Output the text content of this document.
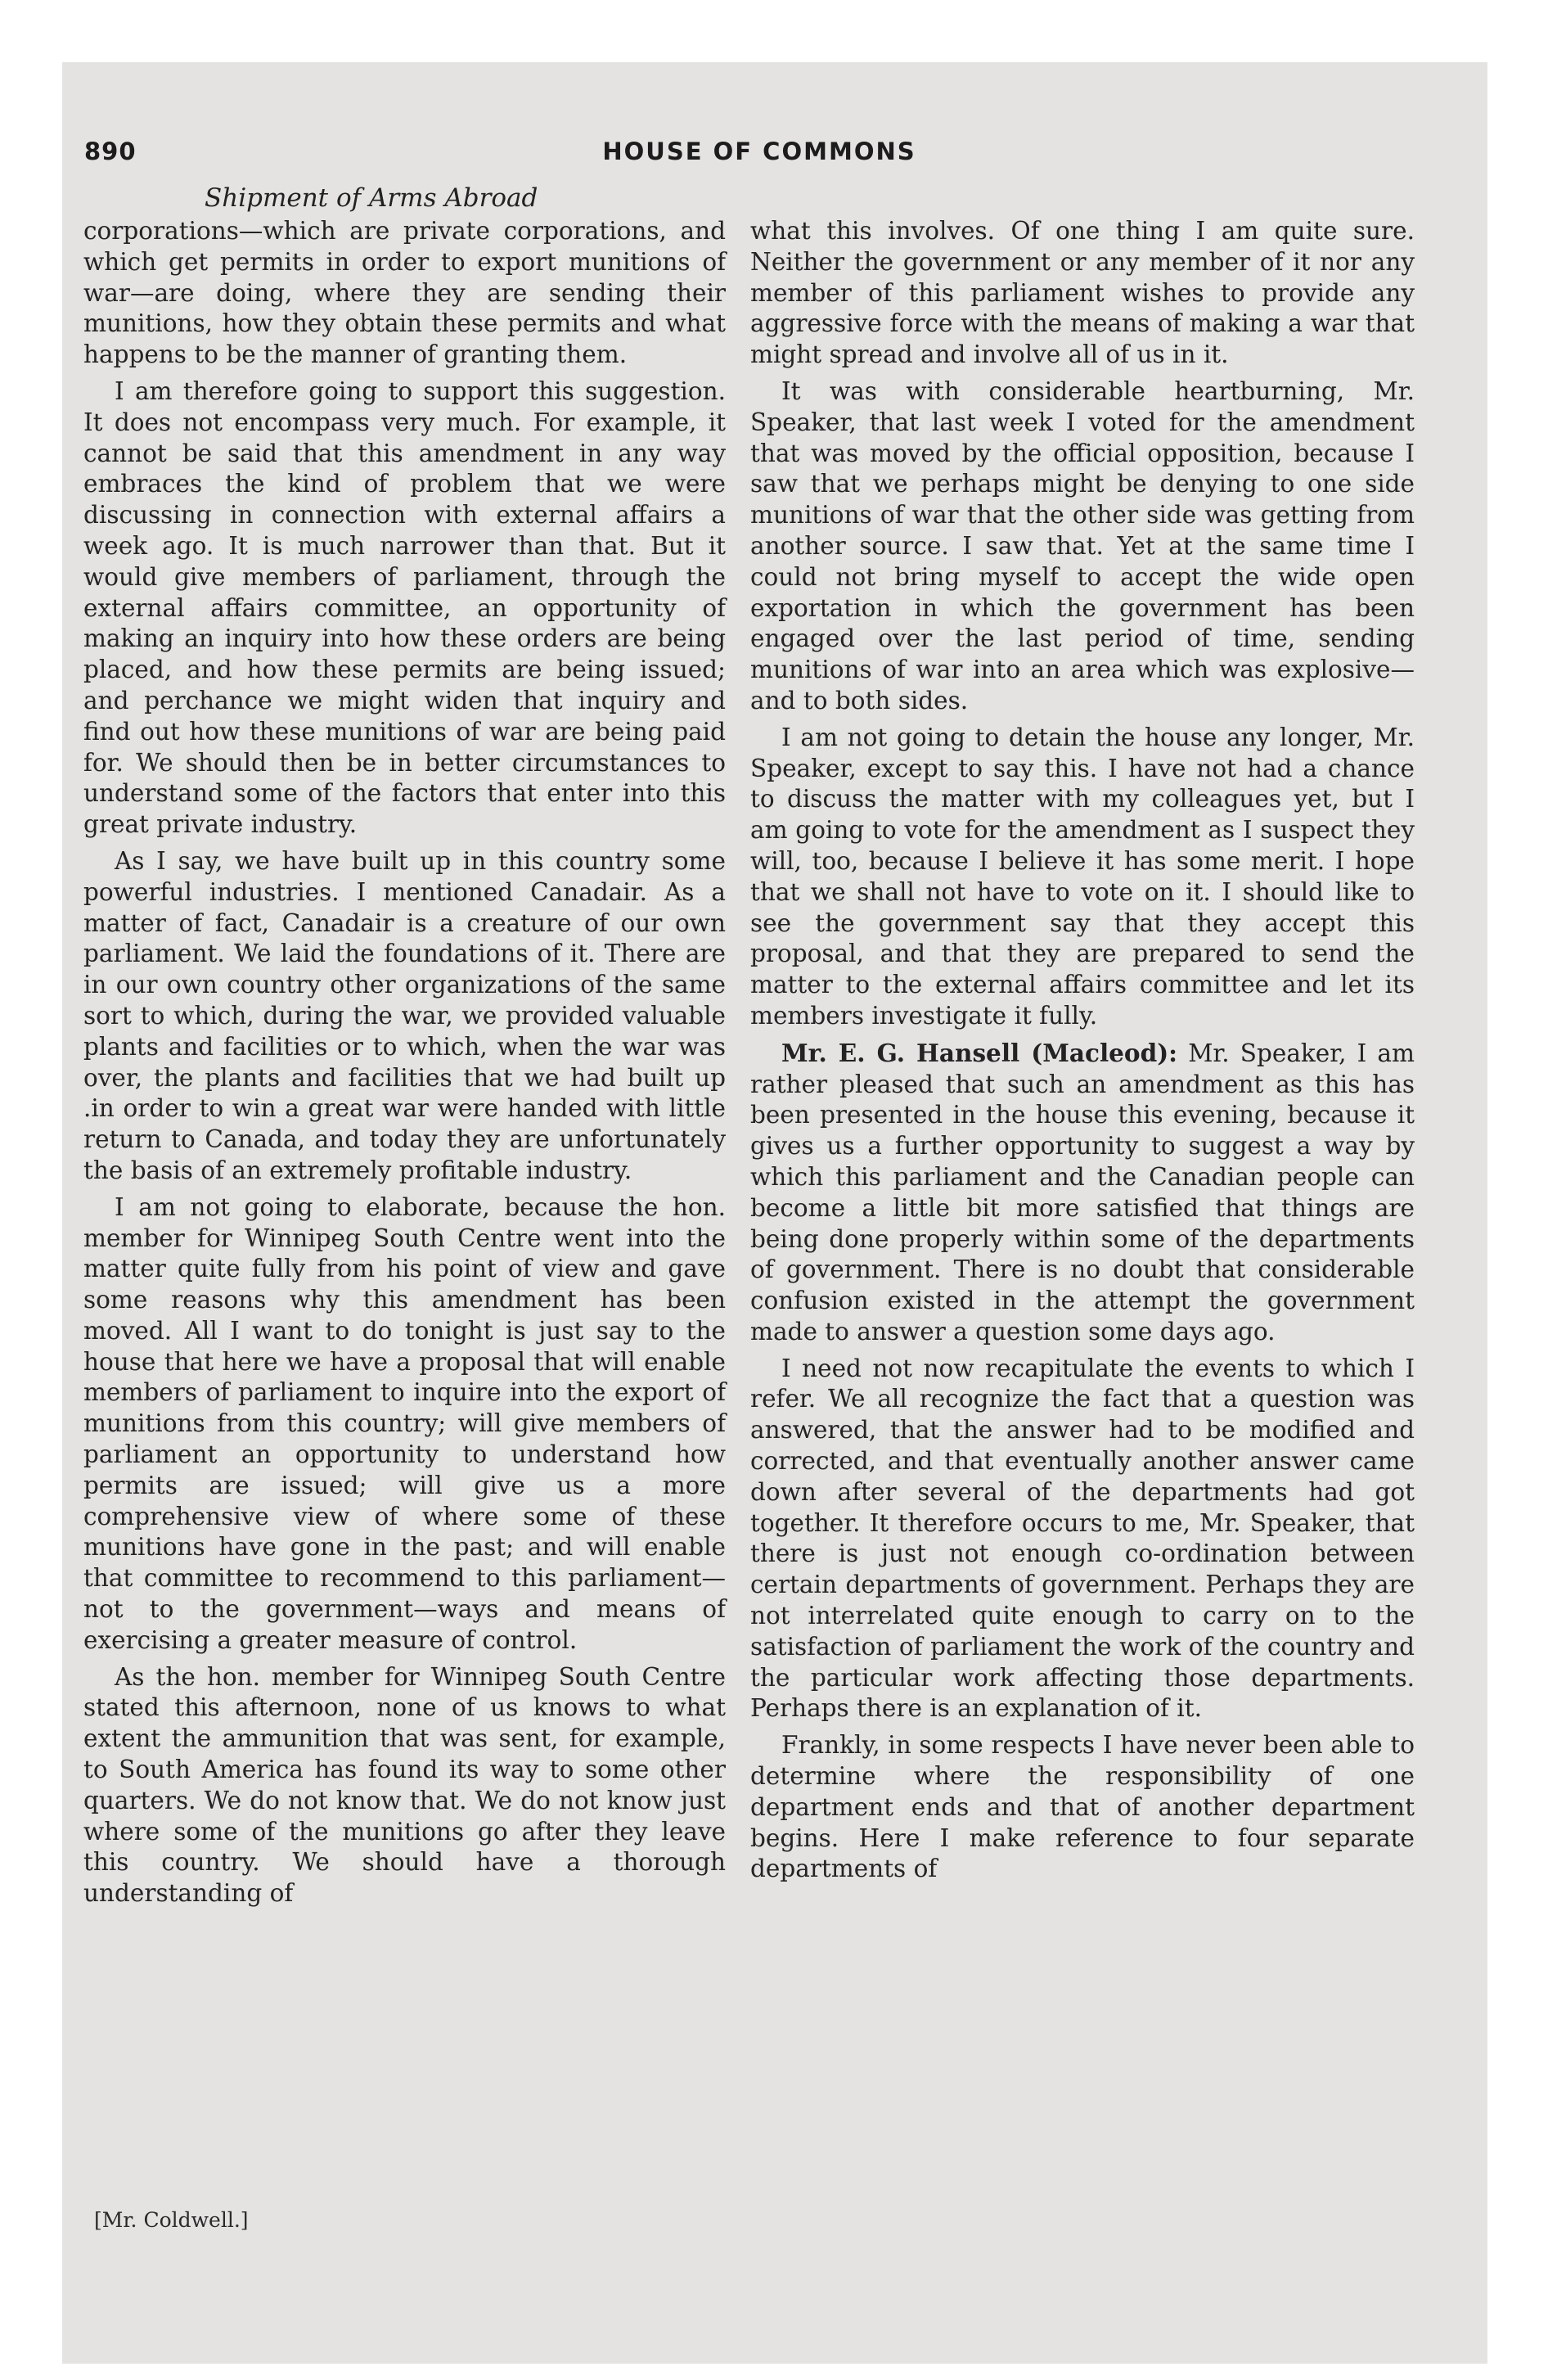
890	HOUSE OF COMMONS
Shipment of Arms Abroad

corporations—which are private corporations, and which get permits in order to export munitions of war—are doing, where they are sending their munitions, how they obtain these permits and what happens to be the manner of granting them.

I am therefore going to support this suggestion. It does not encompass very much. For example, it cannot be said that this amendment in any way embraces the kind of problem that we were discussing in connection with external affairs a week ago. It is much narrower than that. But it would give members of parliament, through the external affairs committee, an opportunity of making an inquiry into how these orders are being placed, and how these permits are being issued; and perchance we might widen that inquiry and find out how these munitions of war are being paid for. We should then be in better circumstances to understand some of the factors that enter into this great private industry.

As I say, we have built up in this country some powerful industries. I mentioned Canadair. As a matter of fact, Canadair is a creature of our own parliament. We laid the foundations of it. There are in our own country other organizations of the same sort to which, during the war, we provided valuable plants and facilities or to which, when the war was over, the plants and facilities that we had built up .in order to win a great war were handed with little return to Canada, and today they are unfortunately the basis of an extremely profitable industry.

I am not going to elaborate, because the hon. member for Winnipeg South Centre went into the matter quite fully from his point of view and gave some reasons why this amendment has been moved. All I want to do tonight is just say to the house that here we have a proposal that will enable members of parliament to inquire into the export of munitions from this country; will give members of parliament an opportunity to understand how permits are issued; will give us a more comprehensive view of where some of these munitions have gone in the past; and will enable that committee to recommend to this parliament—not to the government—ways and means of exercising a greater measure of control.

As the hon. member for Winnipeg South Centre stated this afternoon, none of us knows to what extent the ammunition that was sent, for example, to South America has found its way to some other quarters. We do not know that. We do not know just where some of the munitions go after they leave this country. We should have a thorough understanding of

what this involves. Of one thing I am quite sure. Neither the government or any member of it nor any member of this parliament wishes to provide any aggressive force with the means of making a war that might spread and involve all of us in it.

It was with considerable heartburning, Mr. Speaker, that last week I voted for the amendment that was moved by the official opposition, because I saw that we perhaps might be denying to one side munitions of war that the other side was getting from another source. I saw that. Yet at the same time I could not bring myself to accept the wide open exportation in which the government has been engaged over the last period of time, sending munitions of war into an area which was explosive—and to both sides.

I am not going to detain the house any longer, Mr. Speaker, except to say this. I have not had a chance to discuss the matter with my colleagues yet, but I am going to vote for the amendment as I suspect they will, too, because I believe it has some merit. I hope that we shall not have to vote on it. I should like to see the government say that they accept this proposal, and that they are prepared to send the matter to the external affairs committee and let its members investigate it fully.

Mr. E. G. Hansell (Macleod): Mr. Speaker, I am rather pleased that such an amendment as this has been presented in the house this evening, because it gives us a further opportunity to suggest a way by which this parliament and the Canadian people can become a little bit more satisfied that things are being done properly within some of the departments of government. There is no doubt that considerable confusion existed in the attempt the government made to answer a question some days ago.

I need not now recapitulate the events to which I refer. We all recognize the fact that a question was answered, that the answer had to be modified and corrected, and that eventually another answer came down after several of the departments had got together. It therefore occurs to me, Mr. Speaker, that there is just not enough co-ordination between certain departments of government. Perhaps they are not interrelated quite enough to carry on to the satisfaction of parliament the work of the country and the particular work affecting those departments. Perhaps there is an explanation of it.

Frankly, in some respects I have never been able to determine where the responsibility of one department ends and that of another department begins. Here I make reference to four separate departments of

[Mr. Coldwell.]
